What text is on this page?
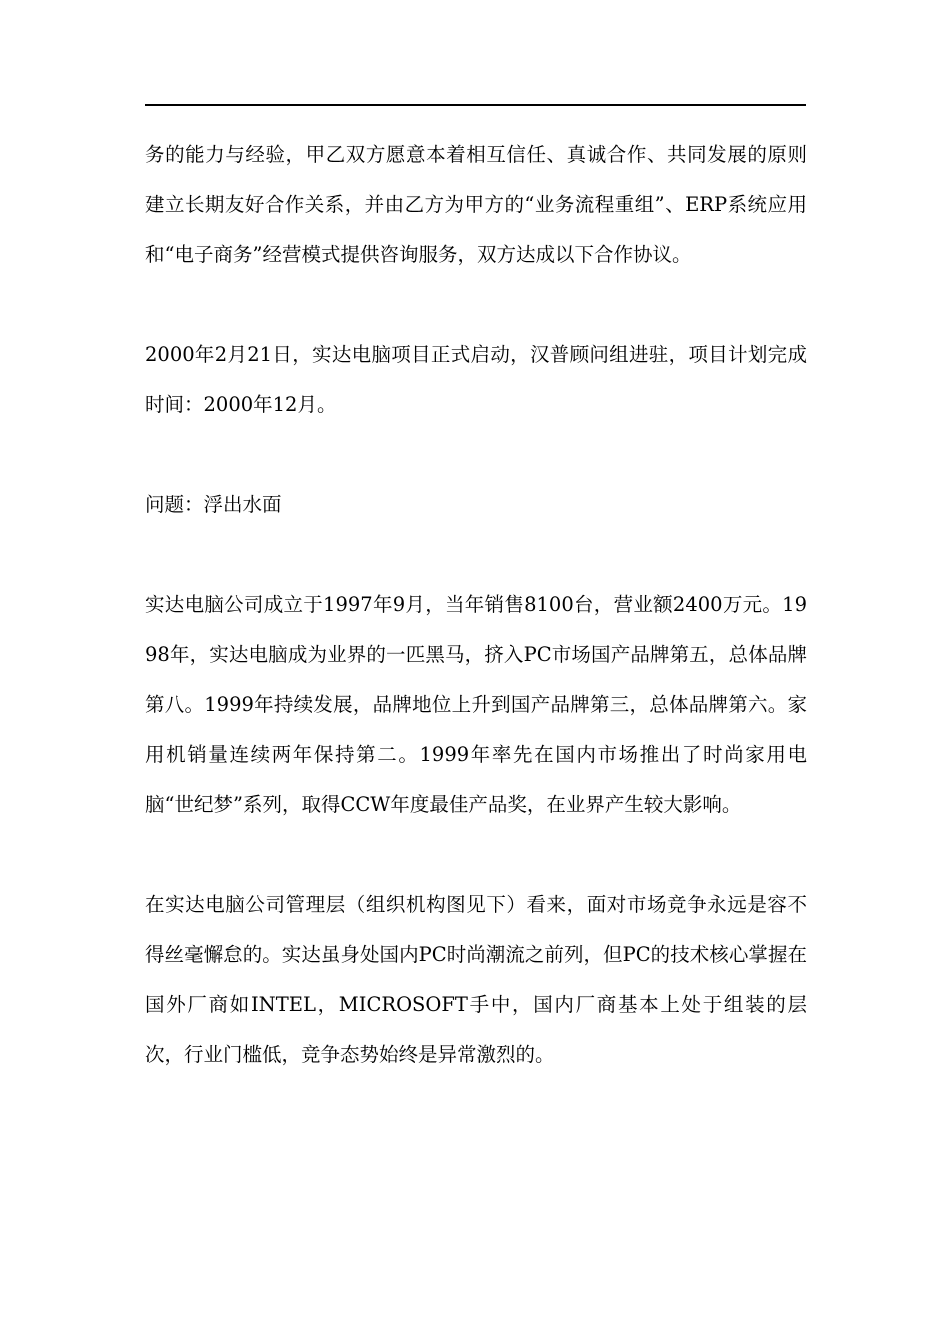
务的能力与经验，甲乙双方愿意本着相互信任、真诚合作、共同发展的原则建立长期友好合作关系，并由乙方为甲方的“业务流程重组”、ERP系统应用和“电子商务”经营模式提供咨询服务，双方达成以下合作协议。

2000年2月21日，实达电脑项目正式启动，汉普顾问组进驻，项目计划完成时间：2000年12月。

问题：浮出水面

实达电脑公司成立于1997年9月，当年销售8100台，营业额2400万元。1998年，实达电脑成为业界的一匹黑马，挤入PC市场国产品牌第五，总体品牌第八。1999年持续发展，品牌地位上升到国产品牌第三，总体品牌第六。家用机销量连续两年保持第二。1999年率先在国内市场推出了时尚家用电脑“世纪梦”系列，取得CCW年度最佳产品奖，在业界产生较大影响。

在实达电脑公司管理层（组织机构图见下）看来，面对市场竞争永远是容不得丝毫懈怠的。实达虽身处国内PC时尚潮流之前列，但PC的技术核心掌握在国外厂商如INTEL，MICROSOFT手中，国内厂商基本上处于组装的层次，行业门槛低，竞争态势始终是异常激烈的。
